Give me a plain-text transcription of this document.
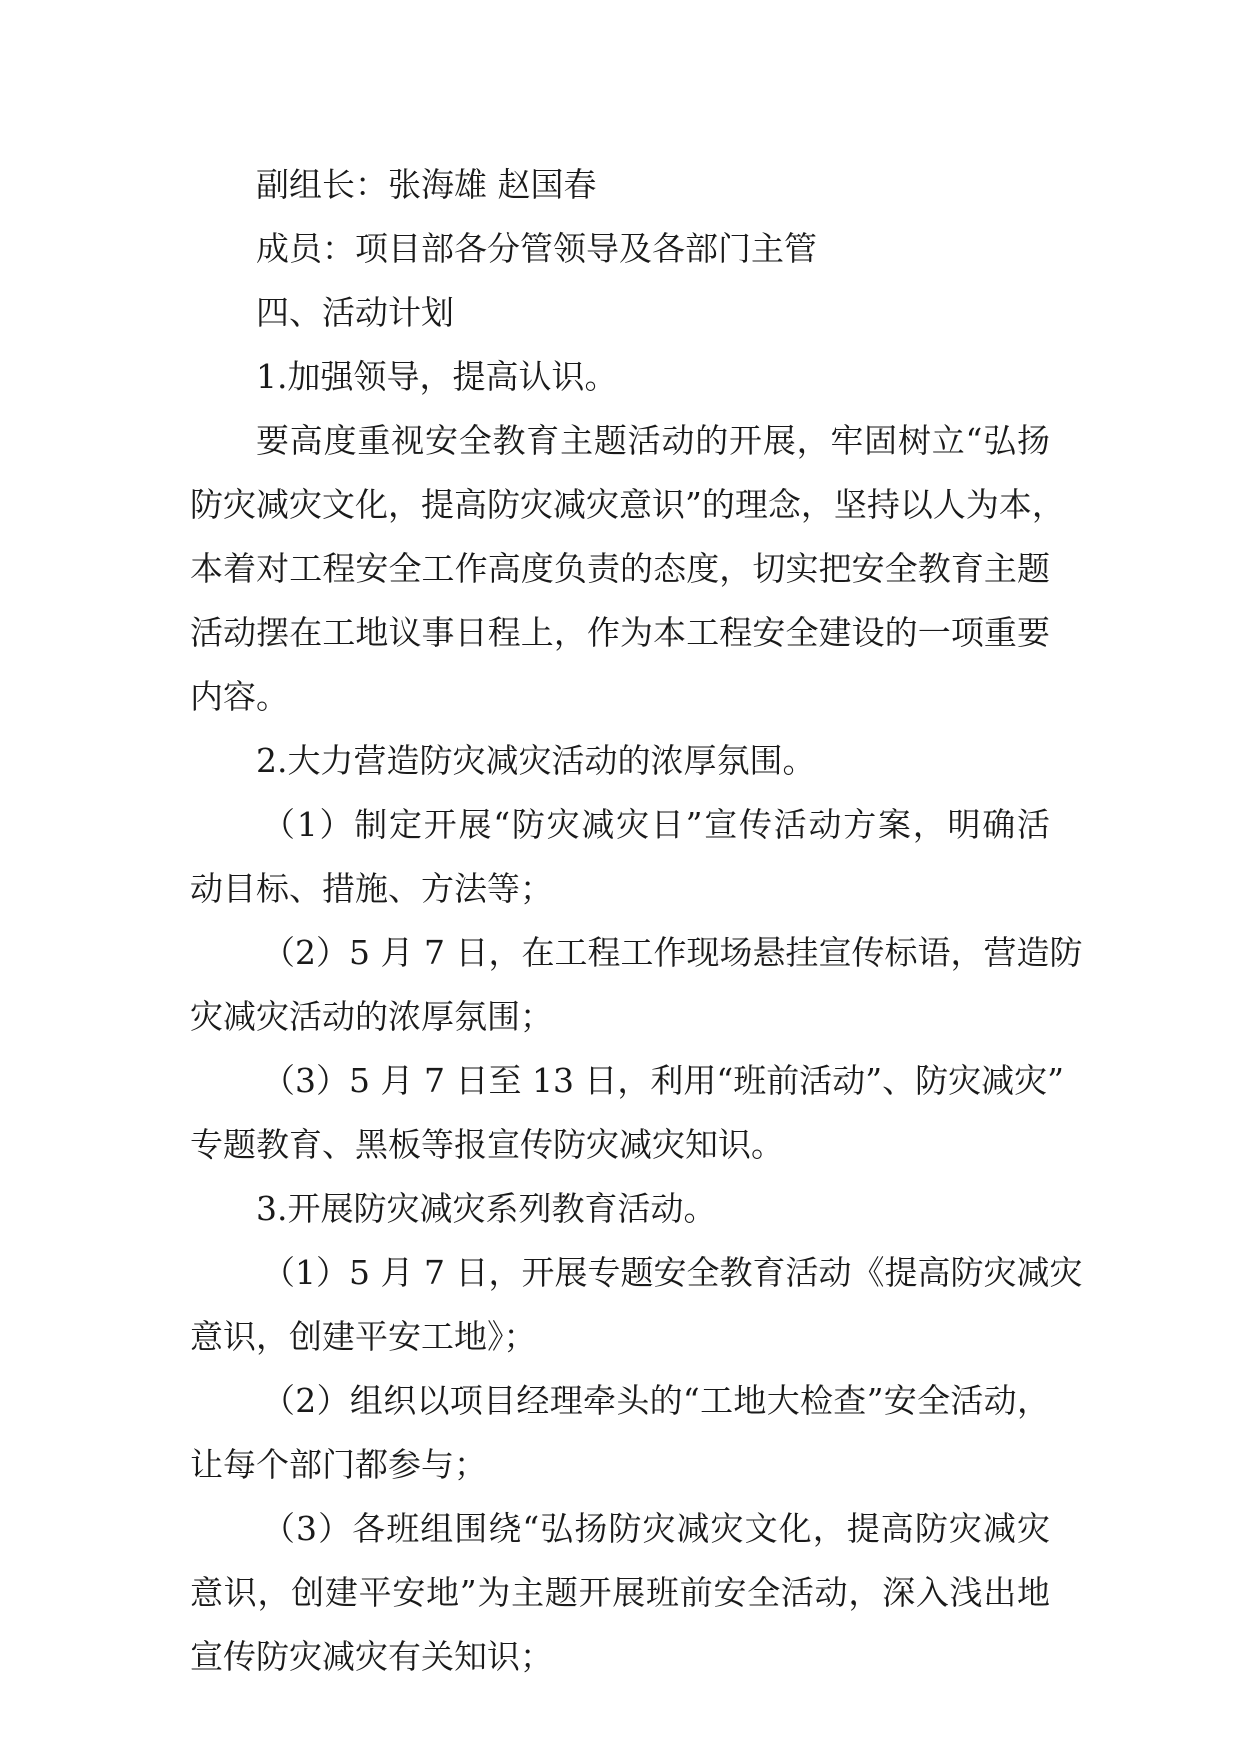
副组长：张海雄 赵国春
成员：项目部各分管领导及各部门主管
四、活动计划
1.加强领导，提高认识。
要高度重视安全教育主题活动的开展，牢固树立“弘扬
防灾减灾文化，提高防灾减灾意识”的理念，坚持以人为本，
本着对工程安全工作高度负责的态度，切实把安全教育主题
活动摆在工地议事日程上，作为本工程安全建设的一项重要
内容。
2.大力营造防灾减灾活动的浓厚氛围。
（1）制定开展“防灾减灾日”宣传活动方案，明确活
动目标、措施、方法等；
（2）5 月 7 日，在工程工作现场悬挂宣传标语，营造防
灾减灾活动的浓厚氛围；
（3）5 月 7 日至 13 日，利用“班前活动”、防灾减灾”
专题教育、黑板等报宣传防灾减灾知识。
3.开展防灾减灾系列教育活动。
（1）5 月 7 日，开展专题安全教育活动《提高防灾减灾
意识，创建平安工地》；
（2）组织以项目经理牵头的“工地大检查”安全活动，
让每个部门都参与；
（3）各班组围绕“弘扬防灾减灾文化，提高防灾减灾
意识，创建平安地”为主题开展班前安全活动，深入浅出地
宣传防灾减灾有关知识；
